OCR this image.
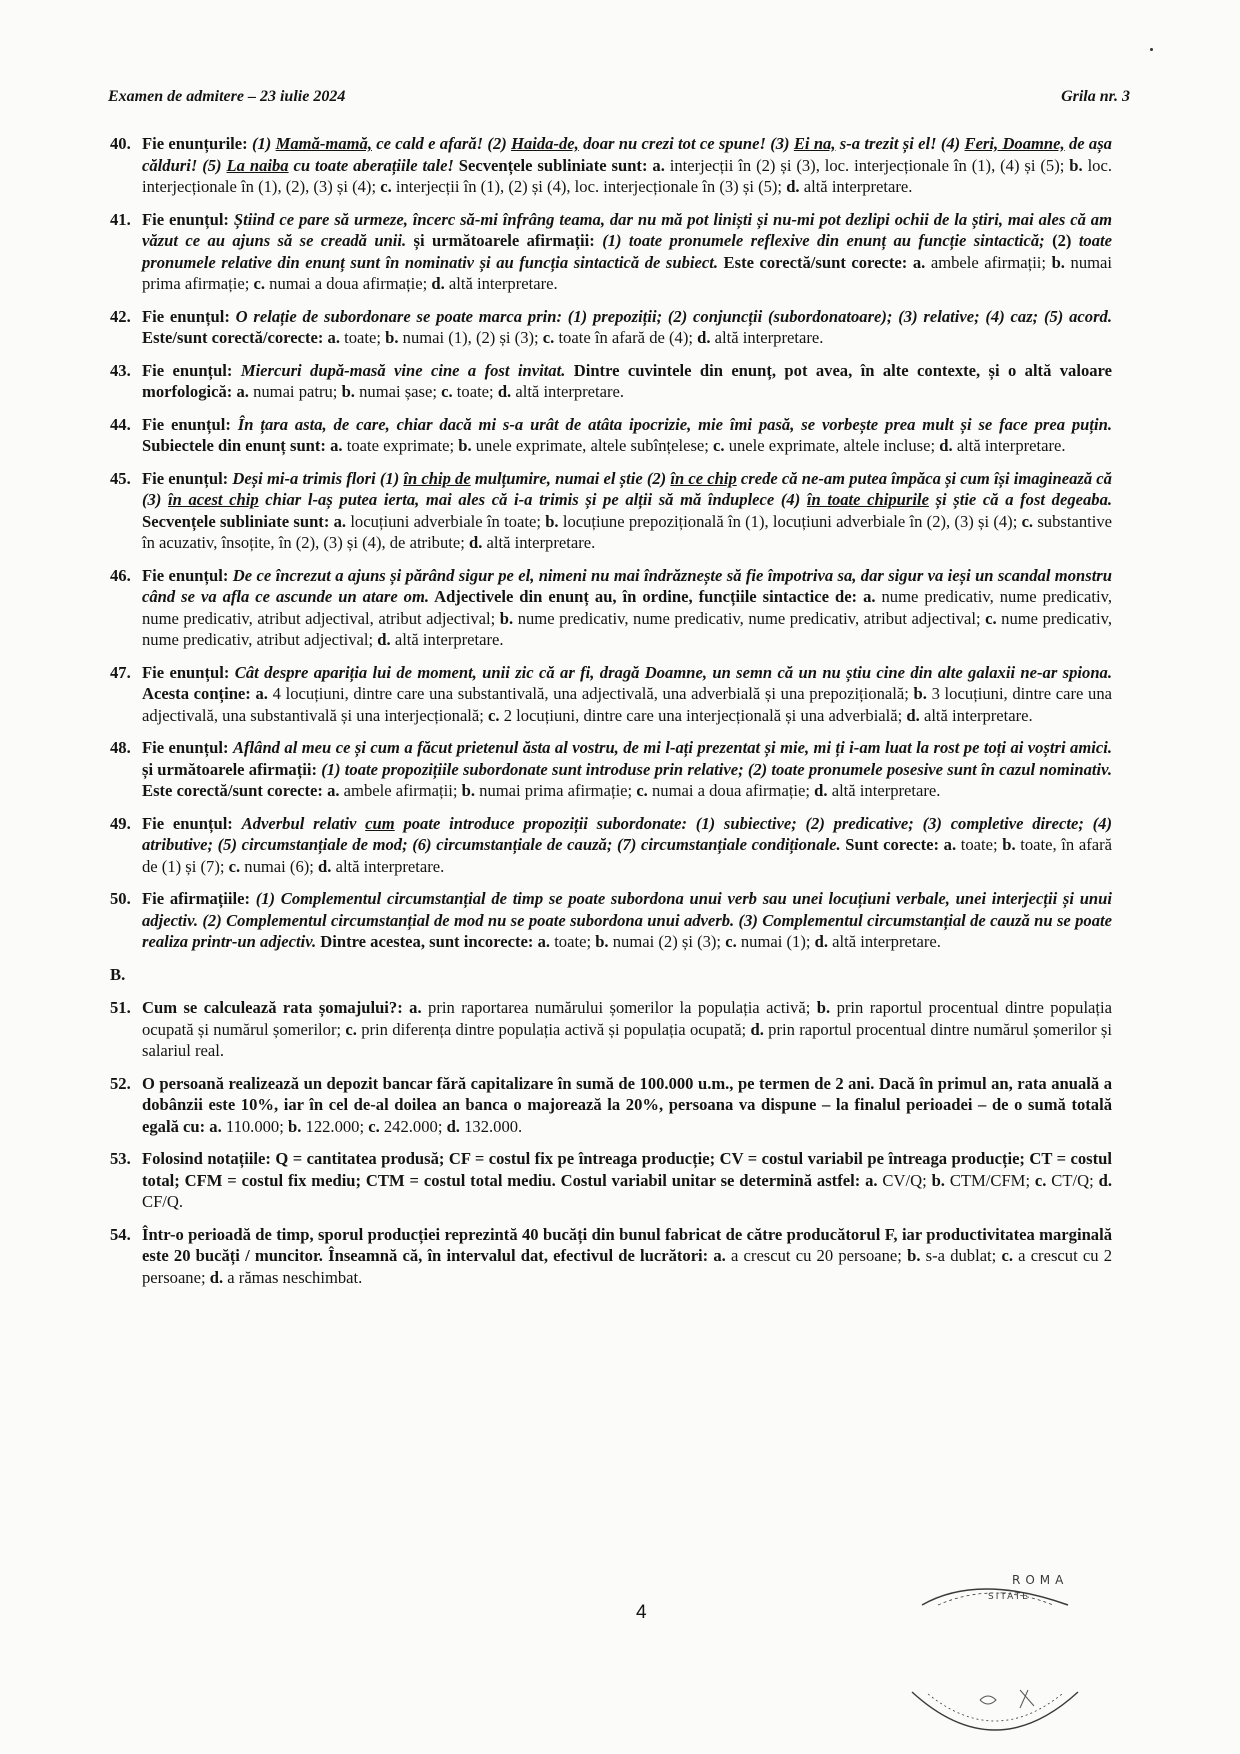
Examen de admitere – 23 iulie 2024	Grila nr. 3
40. Fie enunțurile: (1) Mamă-mamă, ce cald e afară! (2) Haida-de, doar nu crezi tot ce spune! (3) Ei na, s-a trezit și el! (4) Feri, Doamne, de așa călduri! (5) La naiba cu toate aberațiile tale! Secvențele subliniate sunt: a. interjecții în (2) și (3), loc. interjecționale în (1), (4) și (5); b. loc. interjecționale în (1), (2), (3) și (4); c. interjecții în (1), (2) și (4), loc. interjecționale în (3) și (5); d. altă interpretare.
41. Fie enunțul: Știind ce pare să urmeze, încerc să-mi înfrâng teama, dar nu mă pot liniști și nu-mi pot dezlipi ochii de la știri, mai ales că am văzut ce au ajuns să se creadă unii. și următoarele afirmații: (1) toate pronumele reflexive din enunț au funcție sintactică; (2) toate pronumele relative din enunț sunt în nominativ și au funcția sintactică de subiect. Este corectă/sunt corecte: a. ambele afirmații; b. numai prima afirmație; c. numai a doua afirmație; d. altă interpretare.
42. Fie enunțul: O relație de subordonare se poate marca prin: (1) prepoziții; (2) conjuncții (subordonatoare); (3) relative; (4) caz; (5) acord. Este/sunt corectă/corecte: a. toate; b. numai (1), (2) și (3); c. toate în afară de (4); d. altă interpretare.
43. Fie enunțul: Miercuri după-masă vine cine a fost invitat. Dintre cuvintele din enunț, pot avea, în alte contexte, și o altă valoare morfologică: a. numai patru; b. numai șase; c. toate; d. altă interpretare.
44. Fie enunțul: În țara asta, de care, chiar dacă mi s-a urât de atâta ipocrizie, mie îmi pasă, se vorbește prea mult și se face prea puțin. Subiectele din enunț sunt: a. toate exprimate; b. unele exprimate, altele subînțelese; c. unele exprimate, altele incluse; d. altă interpretare.
45. Fie enunțul: Deși mi-a trimis flori (1) în chip de mulțumire, numai el știe (2) în ce chip crede că ne-am putea împăca și cum își imaginează că (3) în acest chip chiar l-aș putea ierta, mai ales că i-a trimis și pe alții să mă înduplece (4) în toate chipurile și știe că a fost degeaba. Secvențele subliniate sunt: a. locuțiuni adverbiale în toate; b. locuțiune prepozițională în (1), locuțiuni adverbiale în (2), (3) și (4); c. substantive în acuzativ, însoțite, în (2), (3) și (4), de atribute; d. altă interpretare.
46. Fie enunțul: De ce încrezut a ajuns și părând sigur pe el, nimeni nu mai îndrăznește să fie împotriva sa, dar sigur va ieși un scandal monstru când se va afla ce ascunde un atare om. Adjectivele din enunț au, în ordine, funcțiile sintactice de: a. nume predicativ, nume predicativ, nume predicativ, atribut adjectival, atribut adjectival; b. nume predicativ, nume predicativ, nume predicativ, atribut adjectival; c. nume predicativ, nume predicativ, atribut adjectival; d. altă interpretare.
47. Fie enunțul: Cât despre apariția lui de moment, unii zic că ar fi, dragă Doamne, un semn că un nu știu cine din alte galaxii ne-ar spiona. Acesta conține: a. 4 locuțiuni, dintre care una substantivală, una adjectivală, una adverbială și una prepozițională; b. 3 locuțiuni, dintre care una adjectivală, una substantivală și una interjecțională; c. 2 locuțiuni, dintre care una interjecțională și una adverbială; d. altă interpretare.
48. Fie enunțul: Aflând al meu ce și cum a făcut prietenul ăsta al vostru, de mi l-ați prezentat și mie, mi ți i-am luat la rost pe toți ai voștri amici. și următoarele afirmații: (1) toate propozițiile subordonate sunt introduse prin relative; (2) toate pronumele posesive sunt în cazul nominativ. Este corectă/sunt corecte: a. ambele afirmații; b. numai prima afirmație; c. numai a doua afirmație; d. altă interpretare.
49. Fie enunțul: Adverbul relativ cum poate introduce propoziții subordonate: (1) subiective; (2) predicative; (3) completive directe; (4) atributive; (5) circumstanțiale de mod; (6) circumstanțiale de cauză; (7) circumstanțiale condiționale. Sunt corecte: a. toate; b. toate, în afară de (1) și (7); c. numai (6); d. altă interpretare.
50. Fie afirmațiile: (1) Complementul circumstanțial de timp se poate subordona unui verb sau unei locuțiuni verbale, unei interjecții și unui adjectiv. (2) Complementul circumstanțial de mod nu se poate subordona unui adverb. (3) Complementul circumstanțial de cauză nu se poate realiza printr-un adjectiv. Dintre acestea, sunt incorecte: a. toate; b. numai (2) și (3); c. numai (1); d. altă interpretare.
B.
51. Cum se calculează rata șomajului?: a. prin raportarea numărului șomerilor la populația activă; b. prin raportul procentual dintre populația ocupată și numărul șomerilor; c. prin diferența dintre populația activă și populația ocupată; d. prin raportul procentual dintre numărul șomerilor și salariul real.
52. O persoană realizează un depozit bancar fără capitalizare în sumă de 100.000 u.m., pe termen de 2 ani. Dacă în primul an, rata anuală a dobânzii este 10%, iar în cel de-al doilea an banca o majorează la 20%, persoana va dispune – la finalul perioadei – de o sumă totală egală cu: a. 110.000; b. 122.000; c. 242.000; d. 132.000.
53. Folosind notațiile: Q = cantitatea produsă; CF = costul fix pe întreaga producție; CV = costul variabil pe întreaga producție; CT = costul total; CFM = costul fix mediu; CTM = costul total mediu. Costul variabil unitar se determină astfel: a. CV/Q; b. CTM/CFM; c. CT/Q; d. CF/Q.
54. Într-o perioadă de timp, sporul producției reprezintă 40 bucăți din bunul fabricat de către producătorul F, iar productivitatea marginală este 20 bucăți / muncitor. Înseamnă că, în intervalul dat, efectivul de lucrători: a. a crescut cu 20 persoane; b. s-a dublat; c. a crescut cu 2 persoane; d. a rămas neschimbat.
4
ROMA
SITATE
